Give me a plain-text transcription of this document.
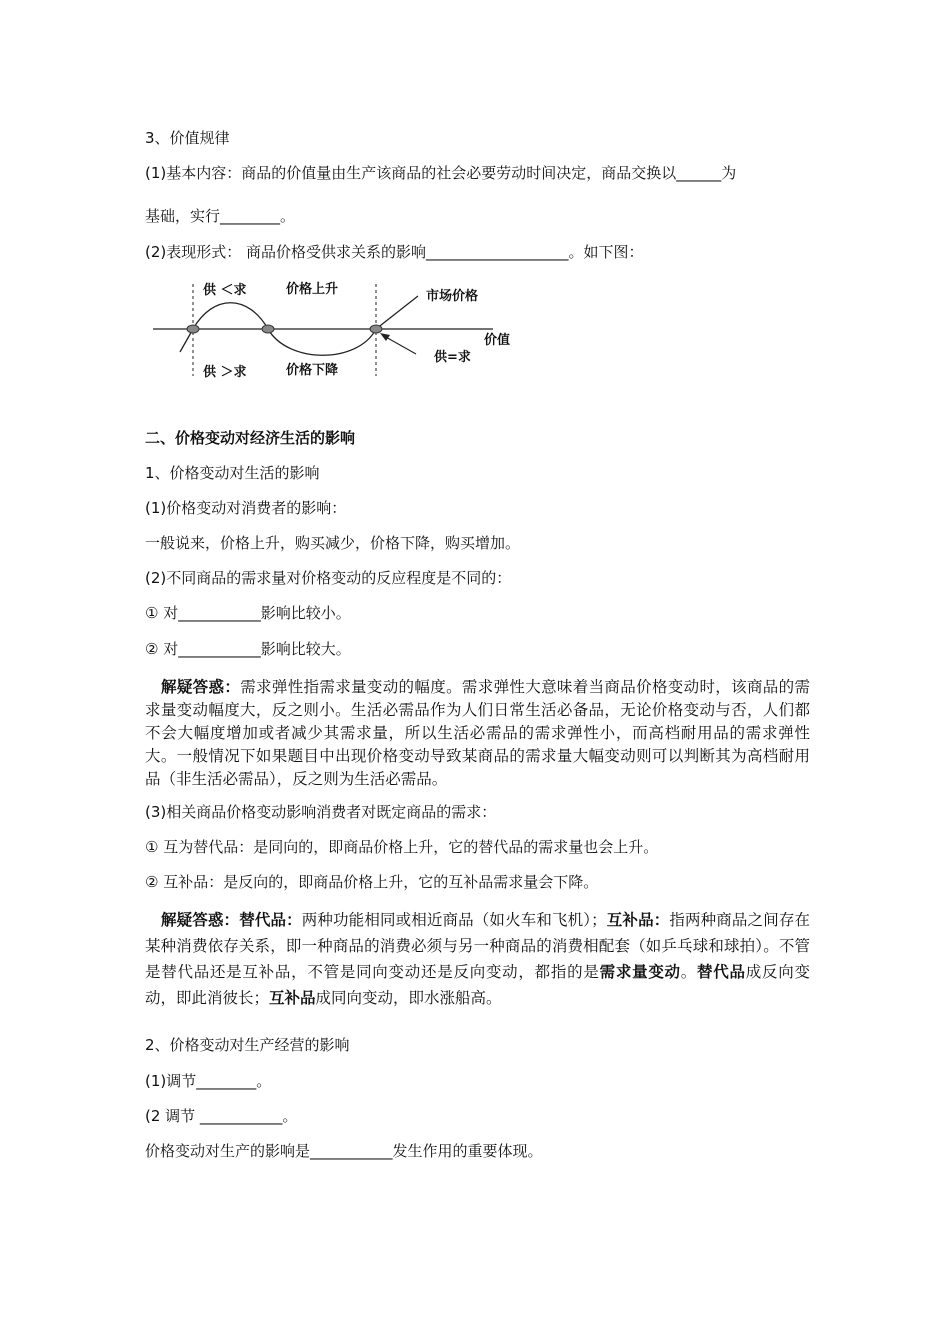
3、价值规律
(1)基本内容：商品的价值量由生产该商品的社会必要劳动时间决定，商品交换以______为
基础，实行________。
(2)表现形式： 商品价格受供求关系的影响___________________。如下图：
供 ＜求	价格上升	市场价格
价值
供=求
供 ＞求	价格下降
二、价格变动对经济生活的影响
1、价格变动对生活的影响
(1)价格变动对消费者的影响：
一般说来，价格上升，购买减少，价格下降，购买增加。
(2)不同商品的需求量对价格变动的反应程度是不同的：
① 对___________影响比较小。
② 对___________影响比较大。
解疑答惑：需求弹性指需求量变动的幅度。需求弹性大意味着当商品价格变动时，该商品的需求量变动幅度大，反之则小。生活必需品作为人们日常生活必备品，无论价格变动与否，人们都不会大幅度增加或者减少其需求量，所以生活必需品的需求弹性小，而高档耐用品的需求弹性大。一般情况下如果题目中出现价格变动导致某商品的需求量大幅变动则可以判断其为高档耐用品（非生活必需品），反之则为生活必需品。
(3)相关商品价格变动影响消费者对既定商品的需求：
① 互为替代品：是同向的，即商品价格上升，它的替代品的需求量也会上升。
② 互补品：是反向的，即商品价格上升，它的互补品需求量会下降。
解疑答惑：替代品：两种功能相同或相近商品（如火车和飞机）；互补品：指两种商品之间存在某种消费依存关系，即一种商品的消费必须与另一种商品的消费相配套（如乒乓球和球拍）。不管是替代品还是互补品，不管是同向变动还是反向变动，都指的是需求量变动。替代品成反向变动，即此消彼长；互补品成同向变动，即水涨船高。
2、价格变动对生产经营的影响
(1)调节________。
(2 调节 ___________。
价格变动对生产的影响是___________发生作用的重要体现。
